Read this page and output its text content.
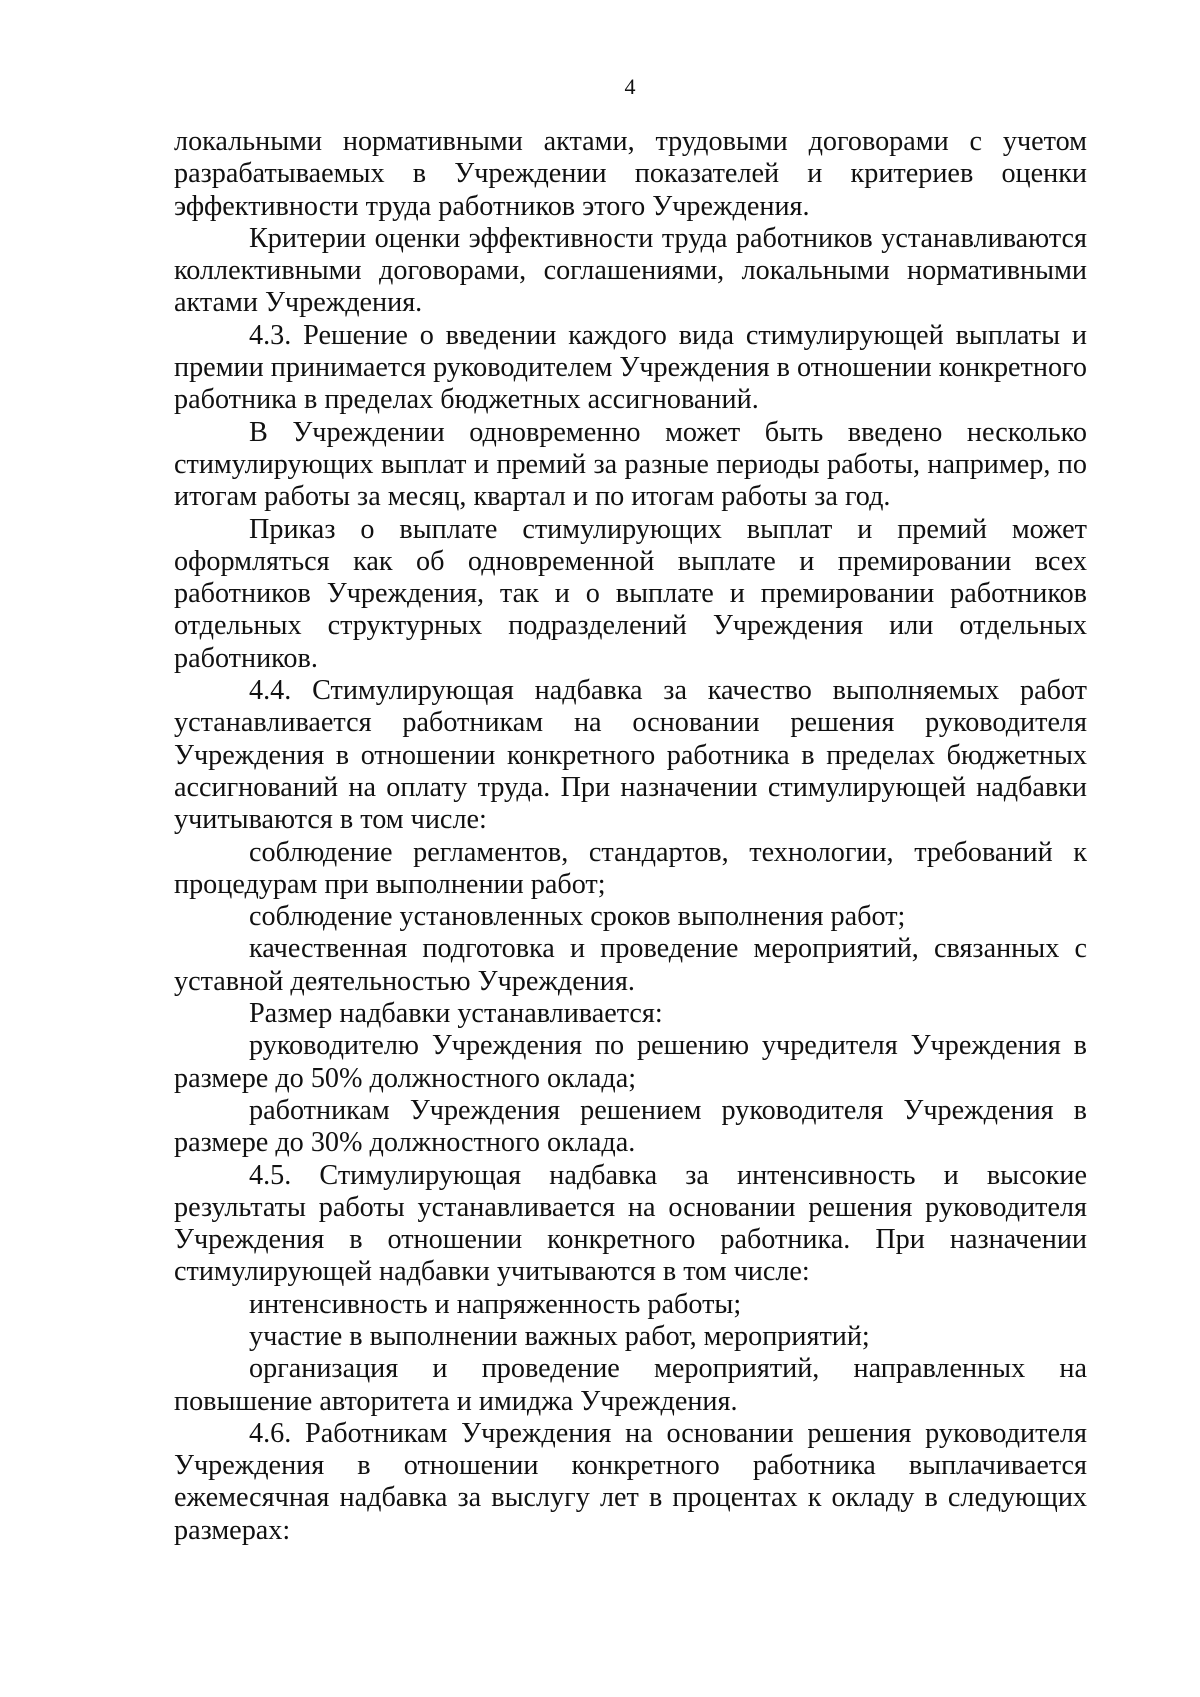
4

локальными нормативными актами, трудовыми договорами с учетом разрабатываемых в Учреждении показателей и критериев оценки эффективности труда работников этого Учреждения.

Критерии оценки эффективности труда работников устанавливаются коллективными договорами, соглашениями, локальными нормативными актами Учреждения.

4.3. Решение о введении каждого вида стимулирующей выплаты и премии принимается руководителем Учреждения в отношении конкретного работника в пределах бюджетных ассигнований.

В Учреждении одновременно может быть введено несколько стимулирующих выплат и премий за разные периоды работы, например, по итогам работы за месяц, квартал и по итогам работы за год.

Приказ о выплате стимулирующих выплат и премий может оформляться как об одновременной выплате и премировании всех работников Учреждения, так и о выплате и премировании работников отдельных структурных подразделений Учреждения или отдельных работников.

4.4. Стимулирующая надбавка за качество выполняемых работ устанавливается работникам на основании решения руководителя Учреждения в отношении конкретного работника в пределах бюджетных ассигнований на оплату труда. При назначении стимулирующей надбавки учитываются в том числе:

соблюдение регламентов, стандартов, технологии, требований к процедурам при выполнении работ;

соблюдение установленных сроков выполнения работ;

качественная подготовка и проведение мероприятий, связанных с уставной деятельностью Учреждения.

Размер надбавки устанавливается:

руководителю Учреждения по решению учредителя Учреждения в размере до 50% должностного оклада;

работникам Учреждения решением руководителя Учреждения в размере до 30% должностного оклада.

4.5. Стимулирующая надбавка за интенсивность и высокие результаты работы устанавливается на основании решения руководителя Учреждения в отношении конкретного работника. При назначении стимулирующей надбавки учитываются в том числе:

интенсивность и напряженность работы;

участие в выполнении важных работ, мероприятий;

организация и проведение мероприятий, направленных на повышение авторитета и имиджа Учреждения.

4.6. Работникам Учреждения на основании решения руководителя Учреждения в отношении конкретного работника выплачивается ежемесячная надбавка за выслугу лет в процентах к окладу в следующих размерах:
